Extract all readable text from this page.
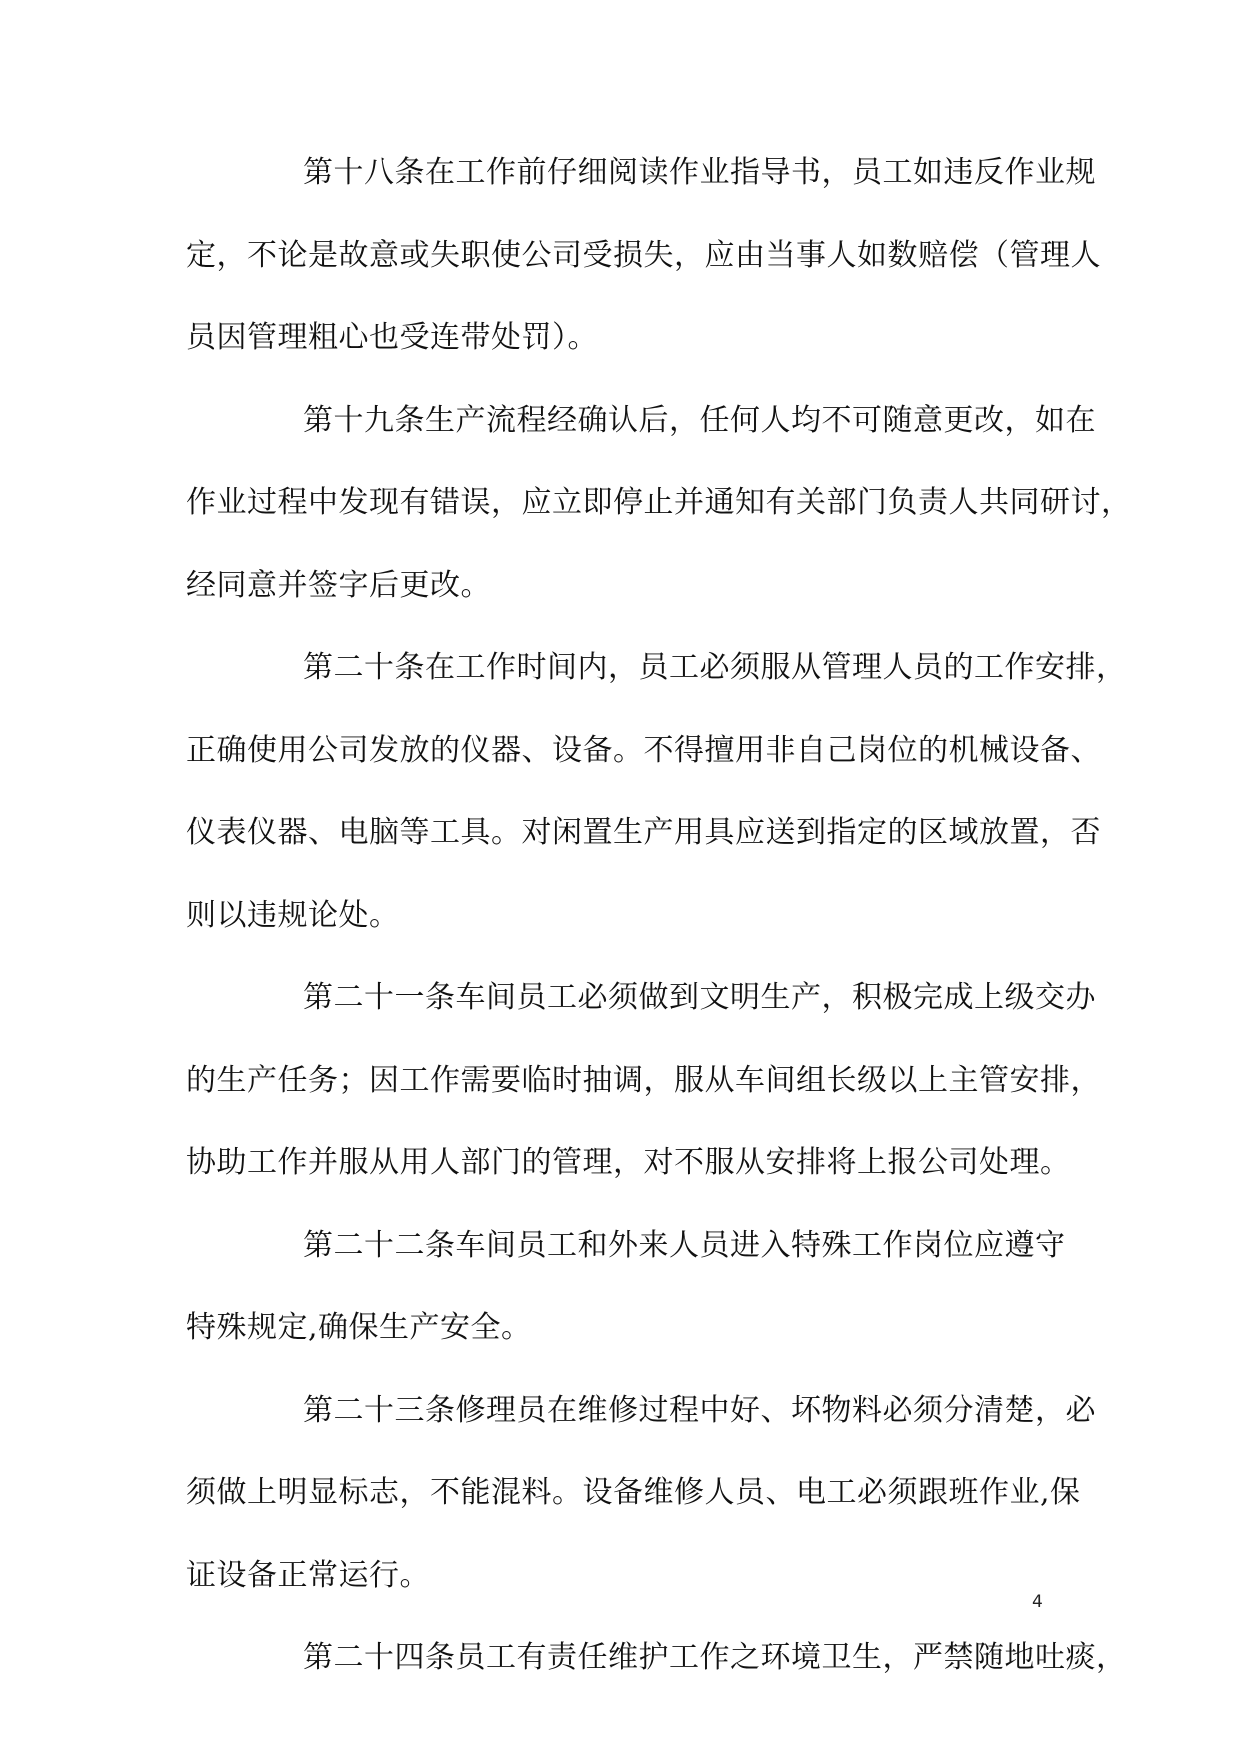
第十八条在工作前仔细阅读作业指导书，员工如违反作业规
定，不论是故意或失职使公司受损失，应由当事人如数赔偿（管理人
员因管理粗心也受连带处罚）。
第十九条生产流程经确认后，任何人均不可随意更改，如在
作业过程中发现有错误，应立即停止并通知有关部门负责人共同研讨，
经同意并签字后更改。
第二十条在工作时间内，员工必须服从管理人员的工作安排，
正确使用公司发放的仪器、设备。不得擅用非自己岗位的机械设备、
仪表仪器、电脑等工具。对闲置生产用具应送到指定的区域放置，否
则以违规论处。
第二十一条车间员工必须做到文明生产，积极完成上级交办
的生产任务；因工作需要临时抽调，服从车间组长级以上主管安排，
协助工作并服从用人部门的管理，对不服从安排将上报公司处理。
第二十二条车间员工和外来人员进入特殊工作岗位应遵守
特殊规定,确保生产安全。
第二十三条修理员在维修过程中好、坏物料必须分清楚，必
须做上明显标志，不能混料。设备维修人员、电工必须跟班作业,保
证设备正常运行。
第二十四条员工有责任维护工作之环境卫生，严禁随地吐痰，
4
